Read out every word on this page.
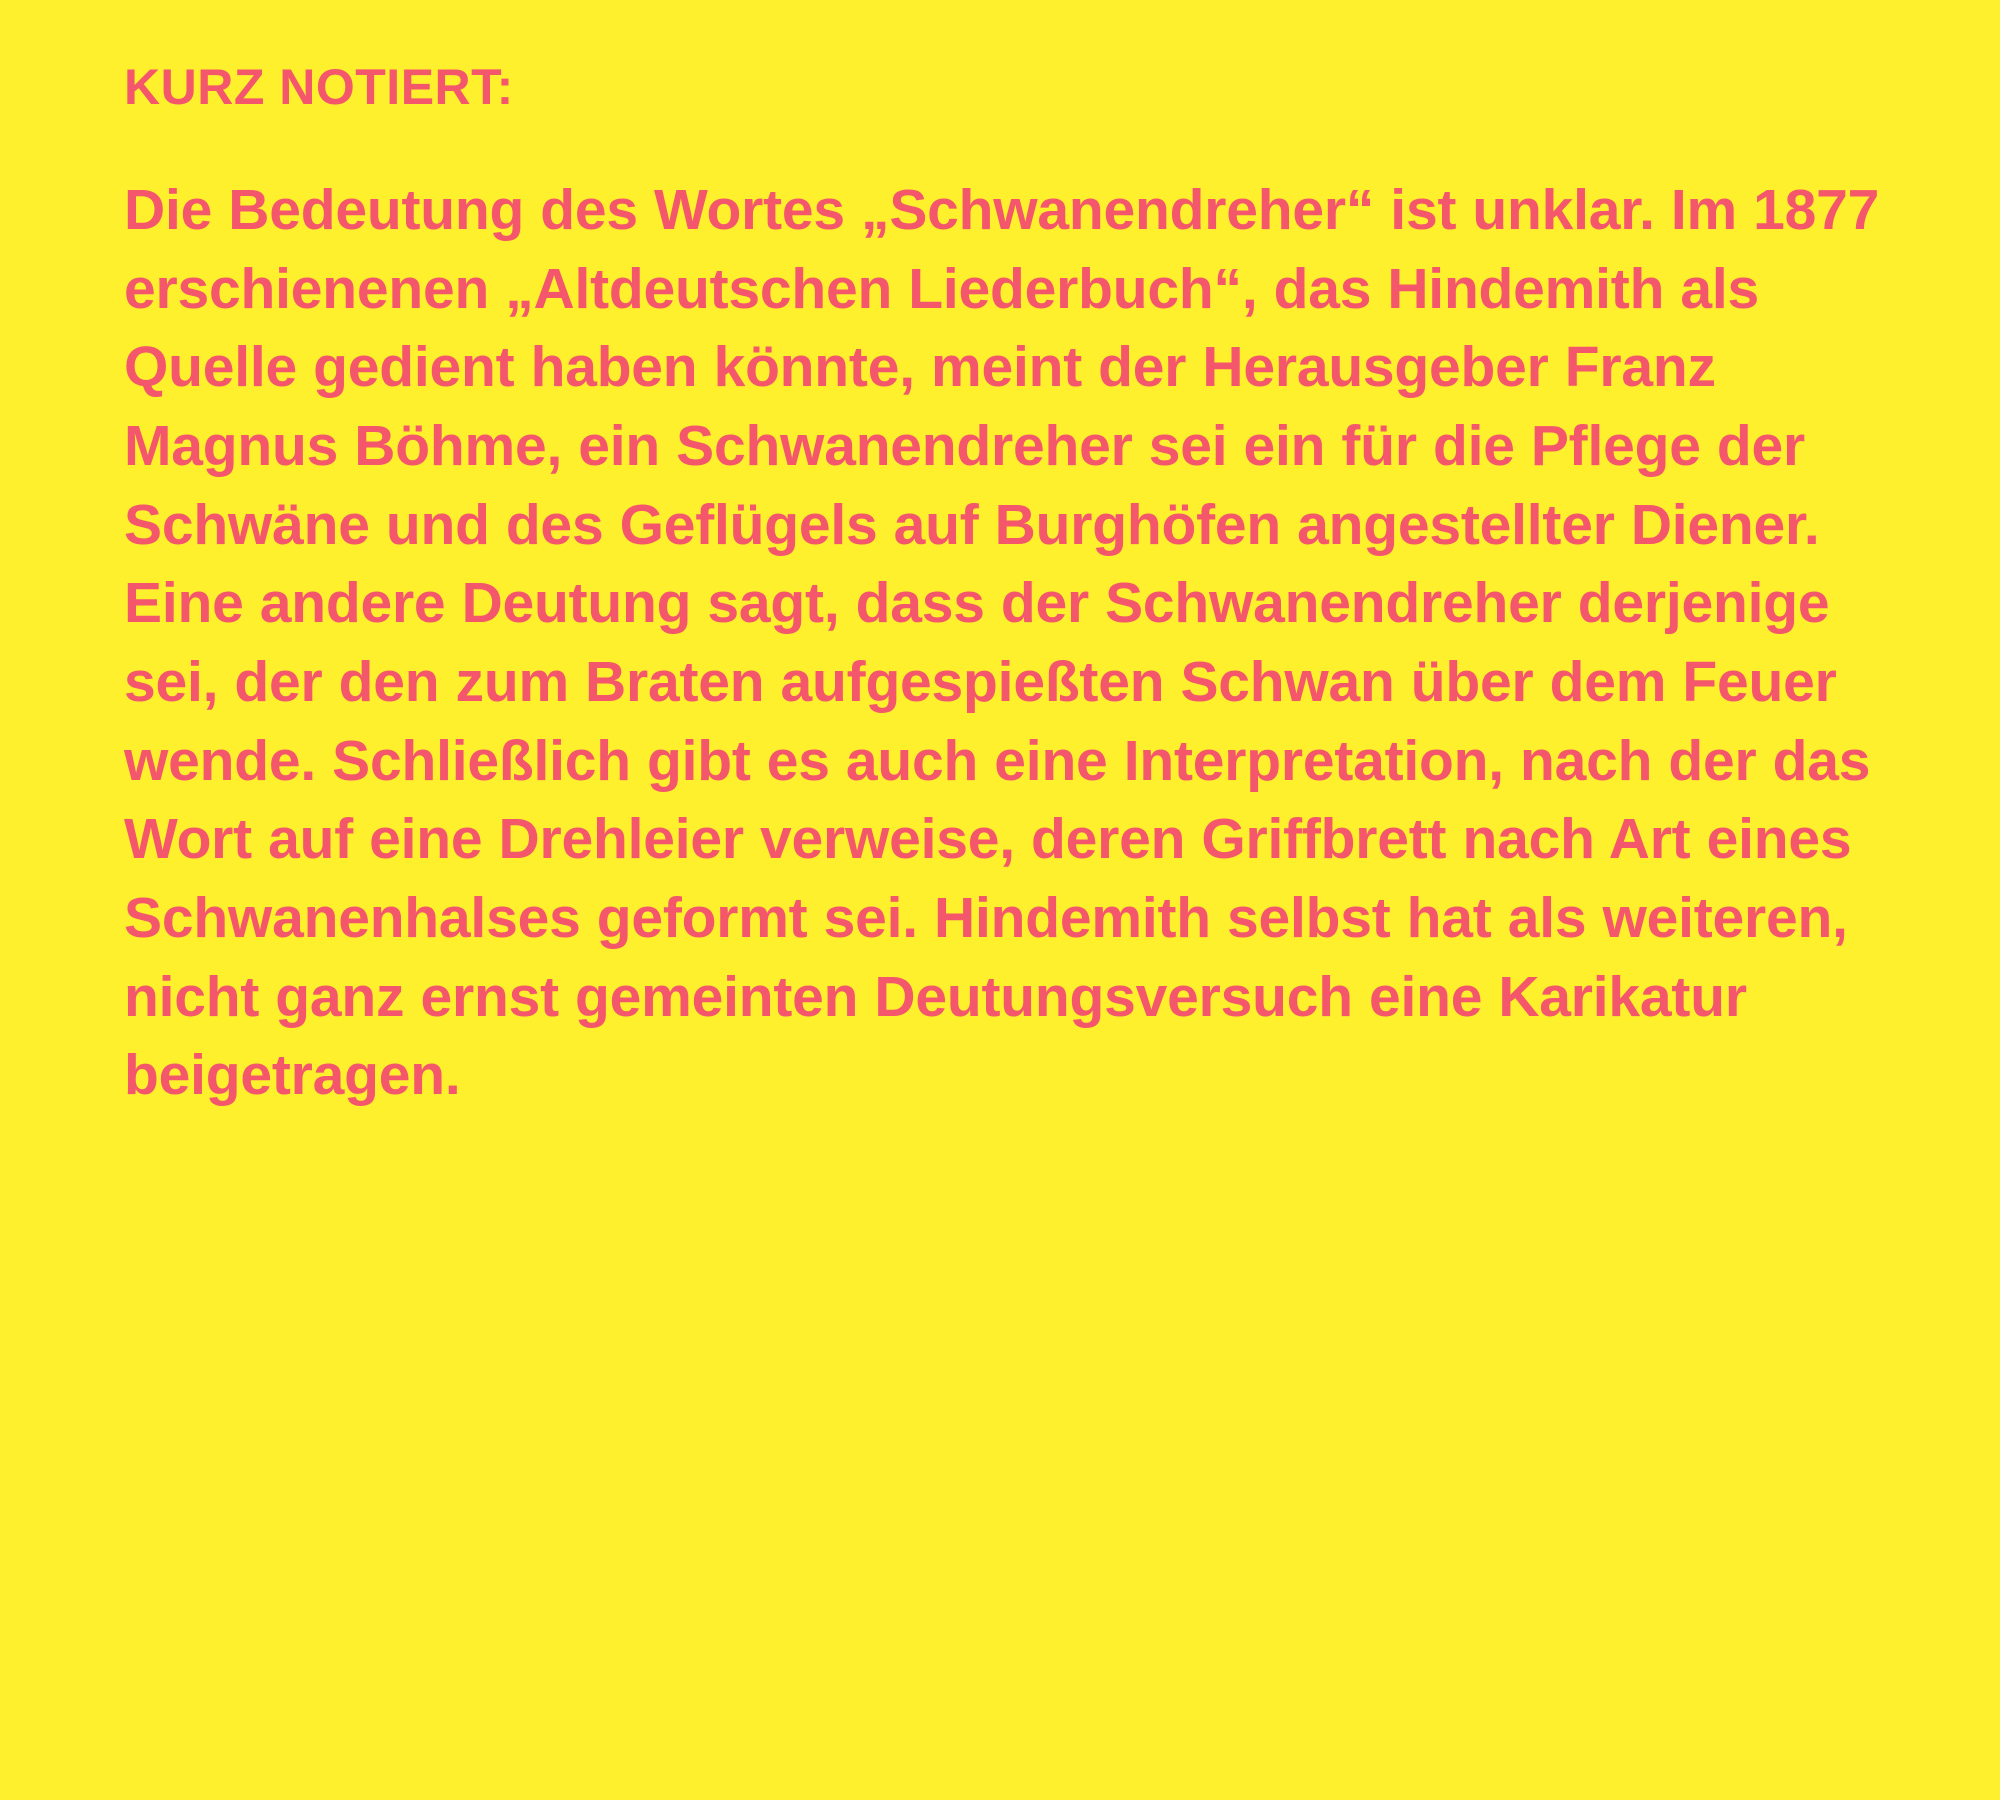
KURZ NOTIERT:

Die Bedeutung des Wortes „Schwanendreher“ ist unklar. Im 1877 erschienenen „Altdeutschen Liederbuch“, das Hindemith als Quelle gedient haben könnte, meint der Herausgeber Franz Magnus Böhme, ein Schwanendreher sei ein für die Pflege der Schwäne und des Geflügels auf Burghöfen angestellter Diener. Eine andere Deutung sagt, dass der Schwanendreher derjenige sei, der den zum Braten aufgespießten Schwan über dem Feuer wende. Schließlich gibt es auch eine Interpretation, nach der das Wort auf eine Drehleier verweise, deren Griffbrett nach Art eines Schwanenhalses geformt sei. Hindemith selbst hat als weiteren, nicht ganz ernst gemeinten Deutungsversuch eine Karikatur beigetragen.
